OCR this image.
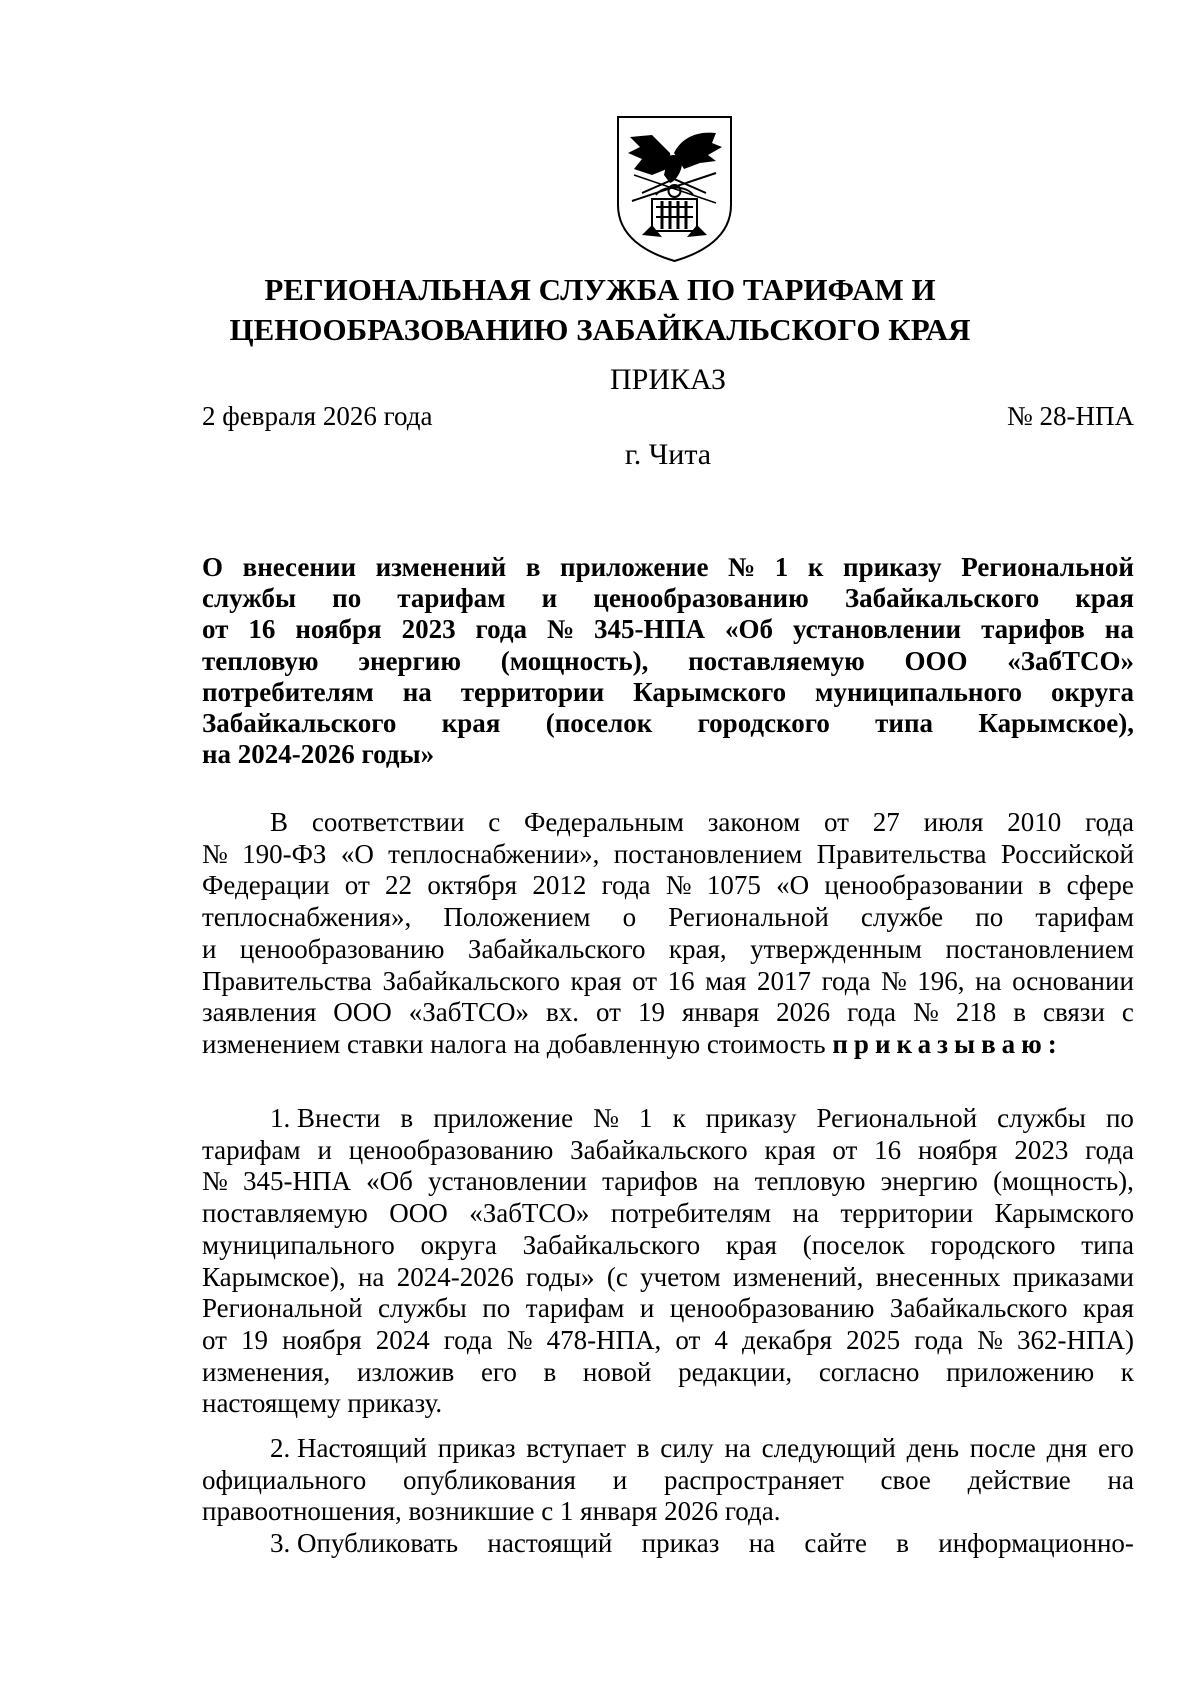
РЕГИОНАЛЬНАЯ СЛУЖБА ПО ТАРИФАМ И
ЦЕНООБРАЗОВАНИЮ ЗАБАЙКАЛЬСКОГО КРАЯ
ПРИКАЗ
2 февраля 2026 года	№ 28-НПА
г. Чита
О внесении изменений в приложение № 1 к приказу Региональной
службы по тарифам и ценообразованию Забайкальского края
от 16 ноября 2023 года № 345-НПА «Об установлении тарифов на
тепловую энергию (мощность), поставляемую ООО «ЗабТСО»
потребителям на территории Карымского муниципального округа
Забайкальского края (поселок городского типа Карымское),
на 2024-2026 годы»
В соответствии с Федеральным законом от 27 июля 2010 года
№ 190-ФЗ «О теплоснабжении», постановлением Правительства Российской
Федерации от 22 октября 2012 года № 1075 «О ценообразовании в сфере
теплоснабжения», Положением о Региональной службе по тарифам
и ценообразованию Забайкальского края, утвержденным постановлением
Правительства Забайкальского края от 16 мая 2017 года № 196, на основании
заявления ООО «ЗабТСО» вх. от 19 января 2026 года № 218 в связи с
изменением ставки налога на добавленную стоимость приказываю:
1. Внести в приложение № 1 к приказу Региональной службы по
тарифам и ценообразованию Забайкальского края от 16 ноября 2023 года
№ 345-НПА «Об установлении тарифов на тепловую энергию (мощность),
поставляемую ООО «ЗабТСО» потребителям на территории Карымского
муниципального округа Забайкальского края (поселок городского типа
Карымское), на 2024-2026 годы» (с учетом изменений, внесенных приказами
Региональной службы по тарифам и ценообразованию Забайкальского края
от 19 ноября 2024 года № 478-НПА, от 4 декабря 2025 года № 362-НПА)
изменения, изложив его в новой редакции, согласно приложению к
настоящему приказу.
2. Настоящий приказ вступает в силу на следующий день после дня его
официального опубликования и распространяет свое действие на
правоотношения, возникшие с 1 января 2026 года.
3. Опубликовать настоящий приказ на сайте в информационно-
